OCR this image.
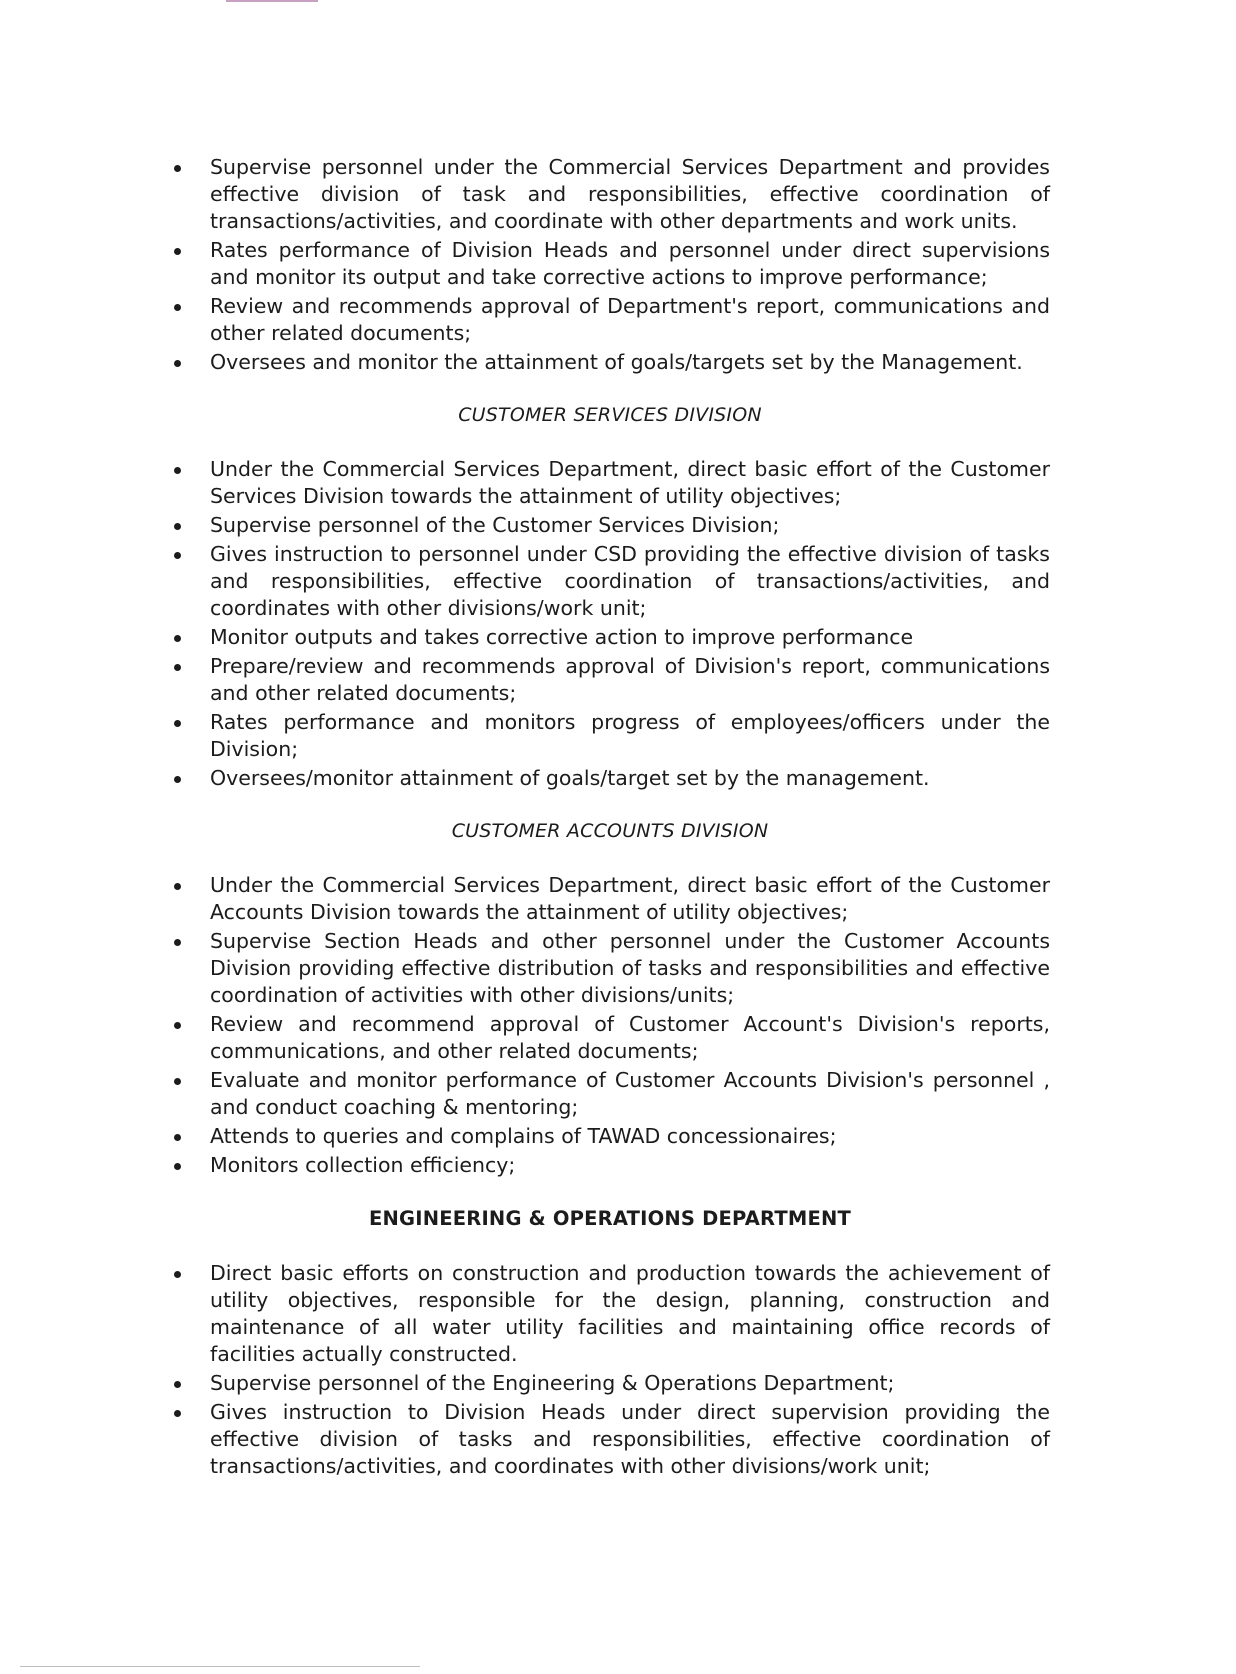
Supervise personnel under the Commercial Services Department and provides effective division of task and responsibilities, effective coordination of transactions/activities, and coordinate with other departments and work units.
Rates performance of Division Heads and personnel under direct supervisions and monitor its output and take corrective actions to improve performance;
Review and recommends approval of Department's report, communications and other related documents;
Oversees and monitor the attainment of goals/targets set by the Management.
CUSTOMER SERVICES DIVISION
Under the Commercial Services Department, direct basic effort of the Customer Services Division towards the attainment of utility objectives;
Supervise personnel of the Customer Services Division;
Gives instruction to personnel under CSD providing the effective division of tasks and responsibilities, effective coordination of transactions/activities, and coordinates with other divisions/work unit;
Monitor outputs and takes corrective action to improve performance
Prepare/review and recommends approval of Division's report, communications and other related documents;
Rates performance and monitors progress of employees/officers under the Division;
Oversees/monitor attainment of goals/target set by the management.
CUSTOMER ACCOUNTS DIVISION
Under the Commercial Services Department, direct basic effort of the Customer Accounts Division towards the attainment of utility objectives;
Supervise Section Heads and other personnel under the Customer Accounts Division providing effective distribution of tasks and responsibilities and effective coordination of activities with other divisions/units;
Review and recommend approval of Customer Account's Division's reports, communications, and other related documents;
Evaluate and monitor performance of Customer Accounts Division's personnel , and conduct coaching & mentoring;
Attends to queries and complains of TAWAD concessionaires;
Monitors collection efficiency;
ENGINEERING & OPERATIONS DEPARTMENT
Direct basic efforts on construction and production towards the achievement of utility objectives, responsible for the design, planning, construction and maintenance of all water utility facilities and maintaining office records of facilities actually constructed.
Supervise personnel of the Engineering & Operations Department;
Gives instruction to Division Heads under direct supervision providing the effective division of tasks and responsibilities, effective coordination of transactions/activities, and coordinates with other divisions/work unit;
